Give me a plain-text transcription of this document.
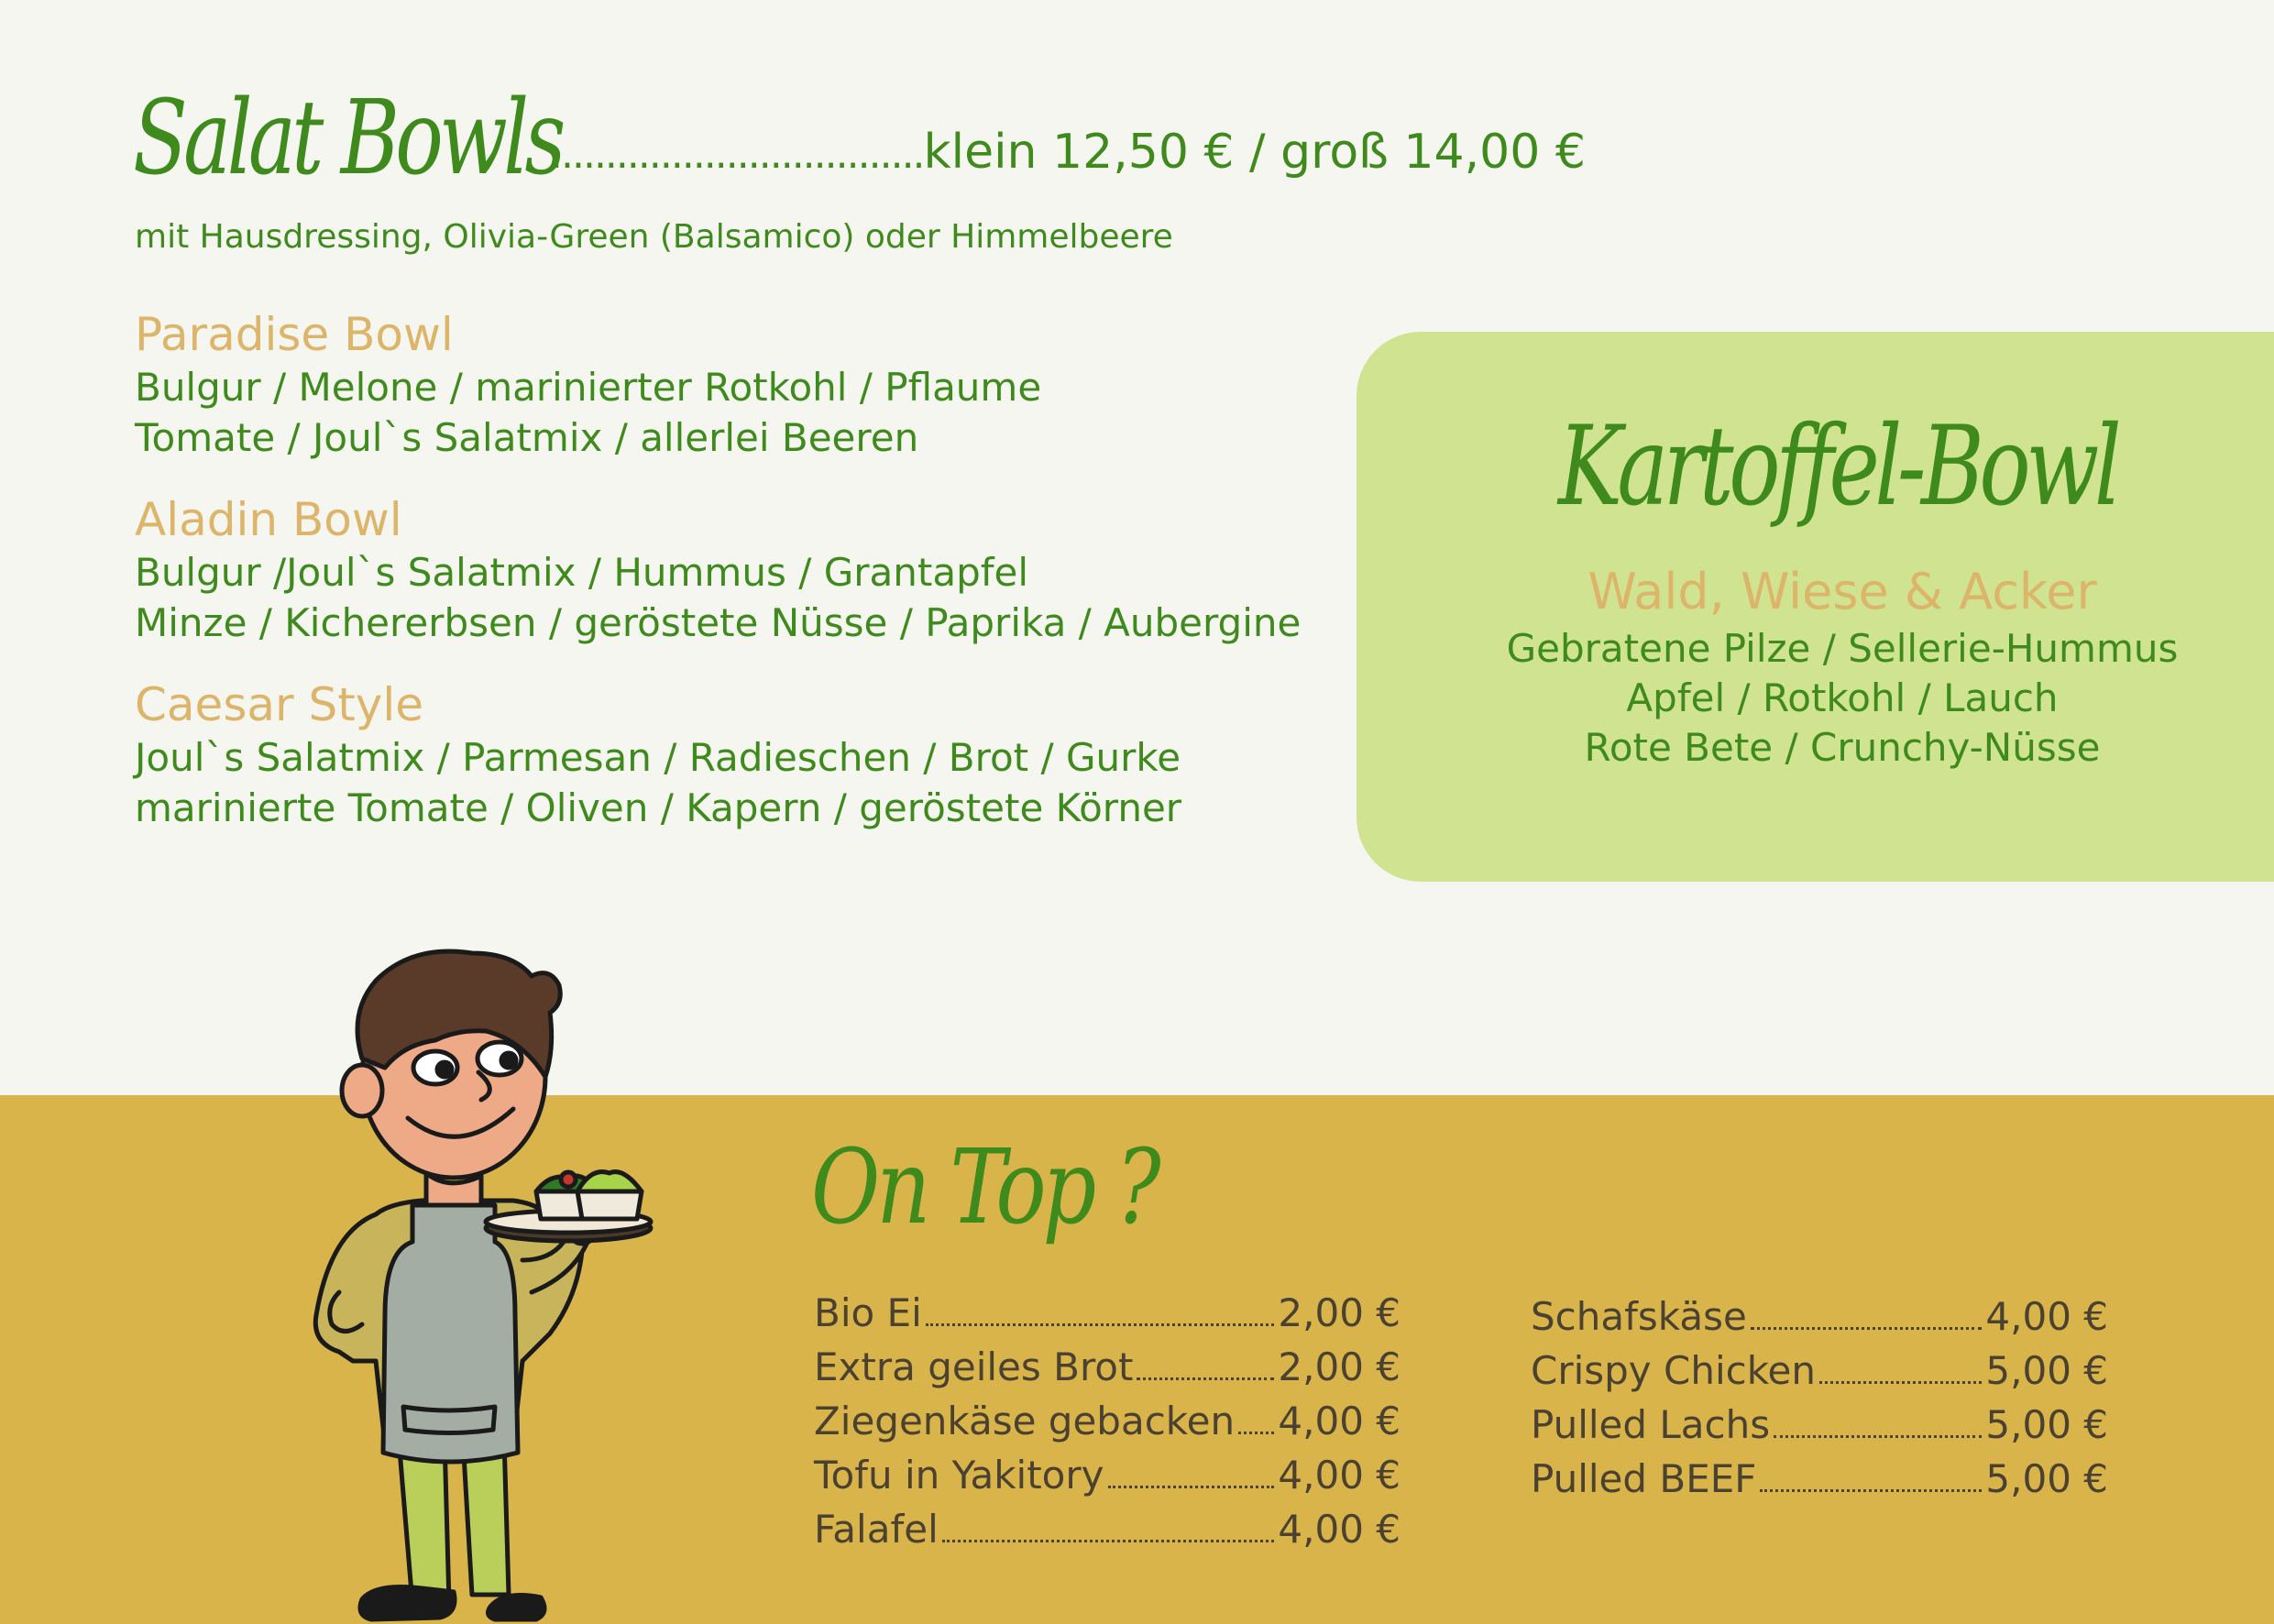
Salat Bowls..................................klein 12,50 € / groß 14,00 €
mit Hausdressing, Olivia-Green (Balsamico) oder Himmelbeere
Paradise Bowl
Bulgur / Melone / marinierter Rotkohl / Pflaume
Tomate / Joul`s Salatmix / allerlei Beeren
Aladin Bowl
Bulgur /Joul`s Salatmix / Hummus / Grantapfel
Minze / Kichererbsen / geröstete Nüsse / Paprika / Aubergine
Caesar Style
Joul`s Salatmix / Parmesan / Radieschen / Brot / Gurke
marinierte Tomate / Oliven / Kapern / geröstete Körner
Kartoffel-Bowl
Wald, Wiese & Acker
Gebratene Pilze / Sellerie-Hummus
Apfel / Rotkohl / Lauch
Rote Bete / Crunchy-Nüsse
On Top ?
Bio Ei	2,00 €
Extra geiles Brot	2,00 €
Ziegenkäse gebacken 4,00 €
Tofu in Yakitory	4,00 €
Falafel	4,00 €
Schafskäse	4,00 €
Crispy Chicken	5,00 €
Pulled Lachs	5,00 €
Pulled BEEF	5,00 €
